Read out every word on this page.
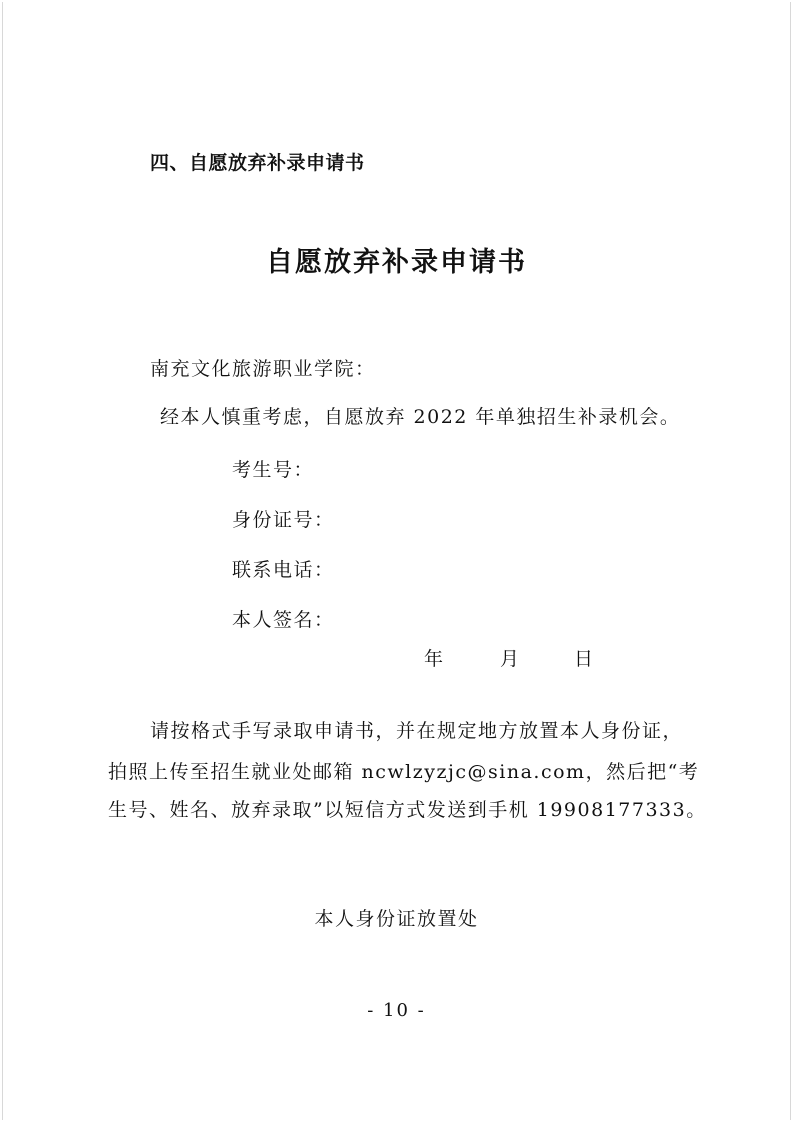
四、自愿放弃补录申请书
自愿放弃补录申请书
南充文化旅游职业学院：
经本人慎重考虑，自愿放弃 2022 年单独招生补录机会。
考生号：
身份证号：
联系电话：
本人签名：
年	月	日
请按格式手写录取申请书，并在规定地方放置本人身份证，
拍照上传至招生就业处邮箱 ncwlzyzjc@sina.com，然后把“考
生号、姓名、放弃录取”以短信方式发送到手机 19908177333。
本人身份证放置处
- 10 -
